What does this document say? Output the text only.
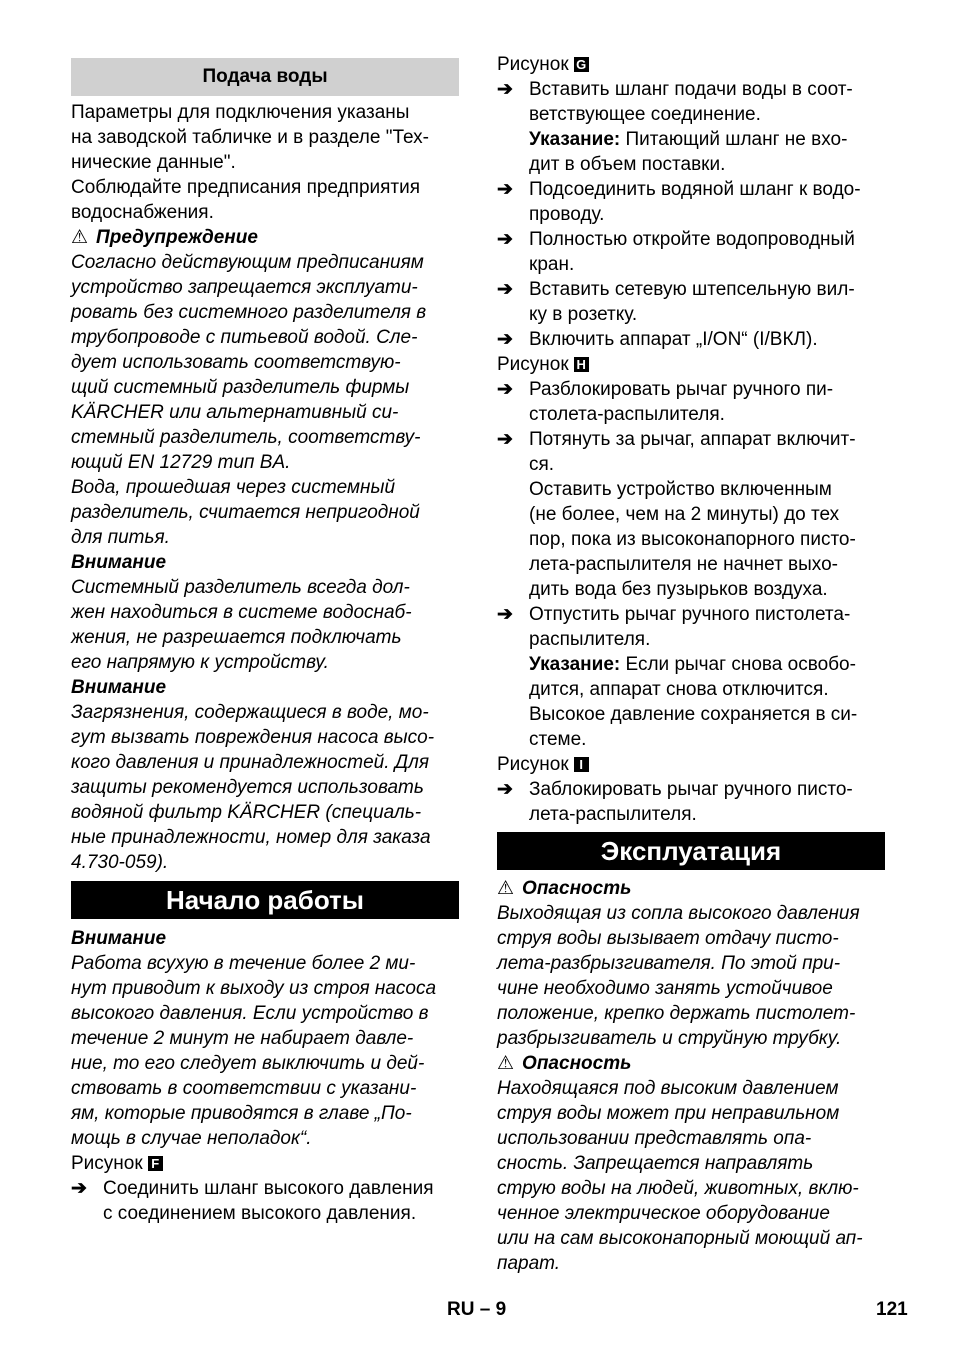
Подача воды
Параметры для подключения указаны
на заводской табличке и в разделе "Тех-
нические данные".
Соблюдайте предписания предприятия
водоснабжения.
⚠ Предупреждение
Согласно действующим предписаниям
устройство запрещается эксплуати-
ровать без системного разделителя в
трубопроводе с питьевой водой. Сле-
дует использовать соответствую-
щий системный разделитель фирмы
KÄRCHER или альтернативный си-
стемный разделитель, соответству-
ющий EN 12729 тип BA.
Вода, прошедшая через системный
разделитель, считается непригодной
для питья.
Внимание
Системный разделитель всегда дол-
жен находиться в системе водоснаб-
жения, не разрешается подключать
его напрямую к устройству.
Внимание
Загрязнения, содержащиеся в воде, мо-
гут вызвать повреждения насоса высо-
кого давления и принадлежностей. Для
защиты рекомендуется использовать
водяной фильтр KÄRCHER (специаль-
ные принадлежности, номер для заказа
4.730-059).
Начало работы
Внимание
Работа всухую в течение более 2 ми-
нут приводит к выходу из строя насоса
высокого давления. Если устройство в
течение 2 минут не набирает давле-
ние, то его следует выключить и дей-
ствовать в соответствии с указани-
ям, которые приводятся в главе „По-
мощь в случае неполадок“.
Рисунок F
➔ Соединить шланг высокого давления
с соединением высокого давления.
Рисунок G
➔ Вставить шланг подачи воды в соот-
ветствующее соединение.
Указание: Питающий шланг не вхо-
дит в объем поставки.
➔ Подсоединить водяной шланг к водо-
проводу.
➔ Полностью откройте водопроводный
кран.
➔ Вставить сетевую штепсельную вил-
ку в розетку.
➔ Включить аппарат „I/ON“ (I/ВКЛ).
Рисунок H
➔ Разблокировать рычаг ручного пи-
столета-распылителя.
➔ Потянуть за рычаг, аппарат включит-
ся.
Оставить устройство включенным
(не более, чем на 2 минуты) до тех
пор, пока из высоконапорного писто-
лета-распылителя не начнет выхо-
дить вода без пузырьков воздуха.
➔ Отпустить рычаг ручного пистолета-
распылителя.
Указание: Если рычаг снова освобо-
дится, аппарат снова отключится.
Высокое давление сохраняется в си-
стеме.
Рисунок I
➔ Заблокировать рычаг ручного писто-
лета-распылителя.
Эксплуатация
⚠ Опасность
Выходящая из сопла высокого давления
струя воды вызывает отдачу писто-
лета-разбрызгивателя. По этой при-
чине необходимо занять устойчивое
положение, крепко держать пистолет-
разбрызгиватель и струйную трубку.
⚠ Опасность
Находящаяся под высоким давлением
струя воды может при неправильном
использовании представлять опа-
сность. Запрещается направлять
струю воды на людей, животных, вклю-
ченное электрическое оборудование
или на сам высоконапорный моющий ап-
парат.
RU – 9	121
